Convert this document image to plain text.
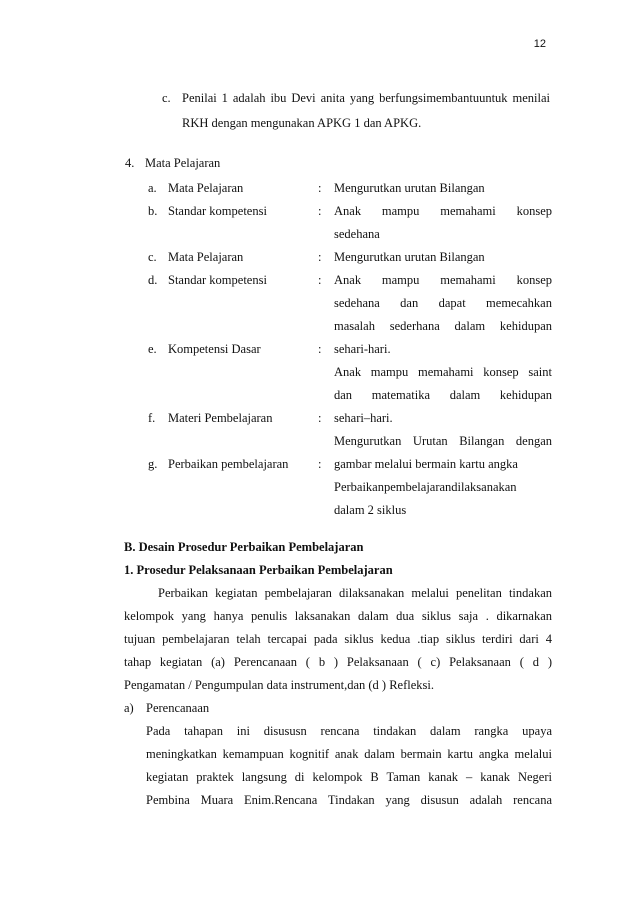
12
c. Penilai 1 adalah ibu Devi anita yang berfungsimembantuuntuk menilai
RKH dengan mengunakan APKG 1 dan APKG.
4. Mata Pelajaran
a. Mata Pelajaran	: Mengurutkan urutan Bilangan
b. Standar kompetensi	: Anak mampu memahami konsep
sedehana
c. Mata Pelajaran	: Mengurutkan urutan Bilangan
d. Standar kompetensi	: Anak mampu memahami konsep
sedehana dan dapat memecahkan
masalah sederhana dalam kehidupan
e. Kompetensi Dasar	: sehari-hari.
Anak mampu memahami konsep saint
dan matematika dalam kehidupan
f. Materi Pembelajaran	: sehari–hari.
Mengurutkan Urutan Bilangan dengan
g. Perbaikan pembelajaran : gambar melalui bermain kartu angka
Perbaikanpembelajarandilaksanakan
dalam 2 siklus
B. Desain Prosedur Perbaikan Pembelajaran
1. Prosedur Pelaksanaan Perbaikan Pembelajaran
Perbaikan kegiatan pembelajaran dilaksanakan melalui penelitan tindakan
kelompok yang hanya penulis laksanakan dalam dua siklus saja . dikarnakan
tujuan pembelajaran telah tercapai pada siklus kedua .tiap siklus terdiri dari 4
tahap kegiatan (a) Perencanaan ( b ) Pelaksanaan ( c) Pelaksanaan ( d )
Pengamatan / Pengumpulan data instrument,dan (d ) Refleksi.
a) Perencanaan
Pada tahapan ini disususn rencana tindakan dalam rangka upaya
meningkatkan kemampuan kognitif anak dalam bermain kartu angka melalui
kegiatan praktek langsung di kelompok B Taman kanak – kanak Negeri
Pembina Muara Enim.Rencana Tindakan yang disusun adalah rencana
